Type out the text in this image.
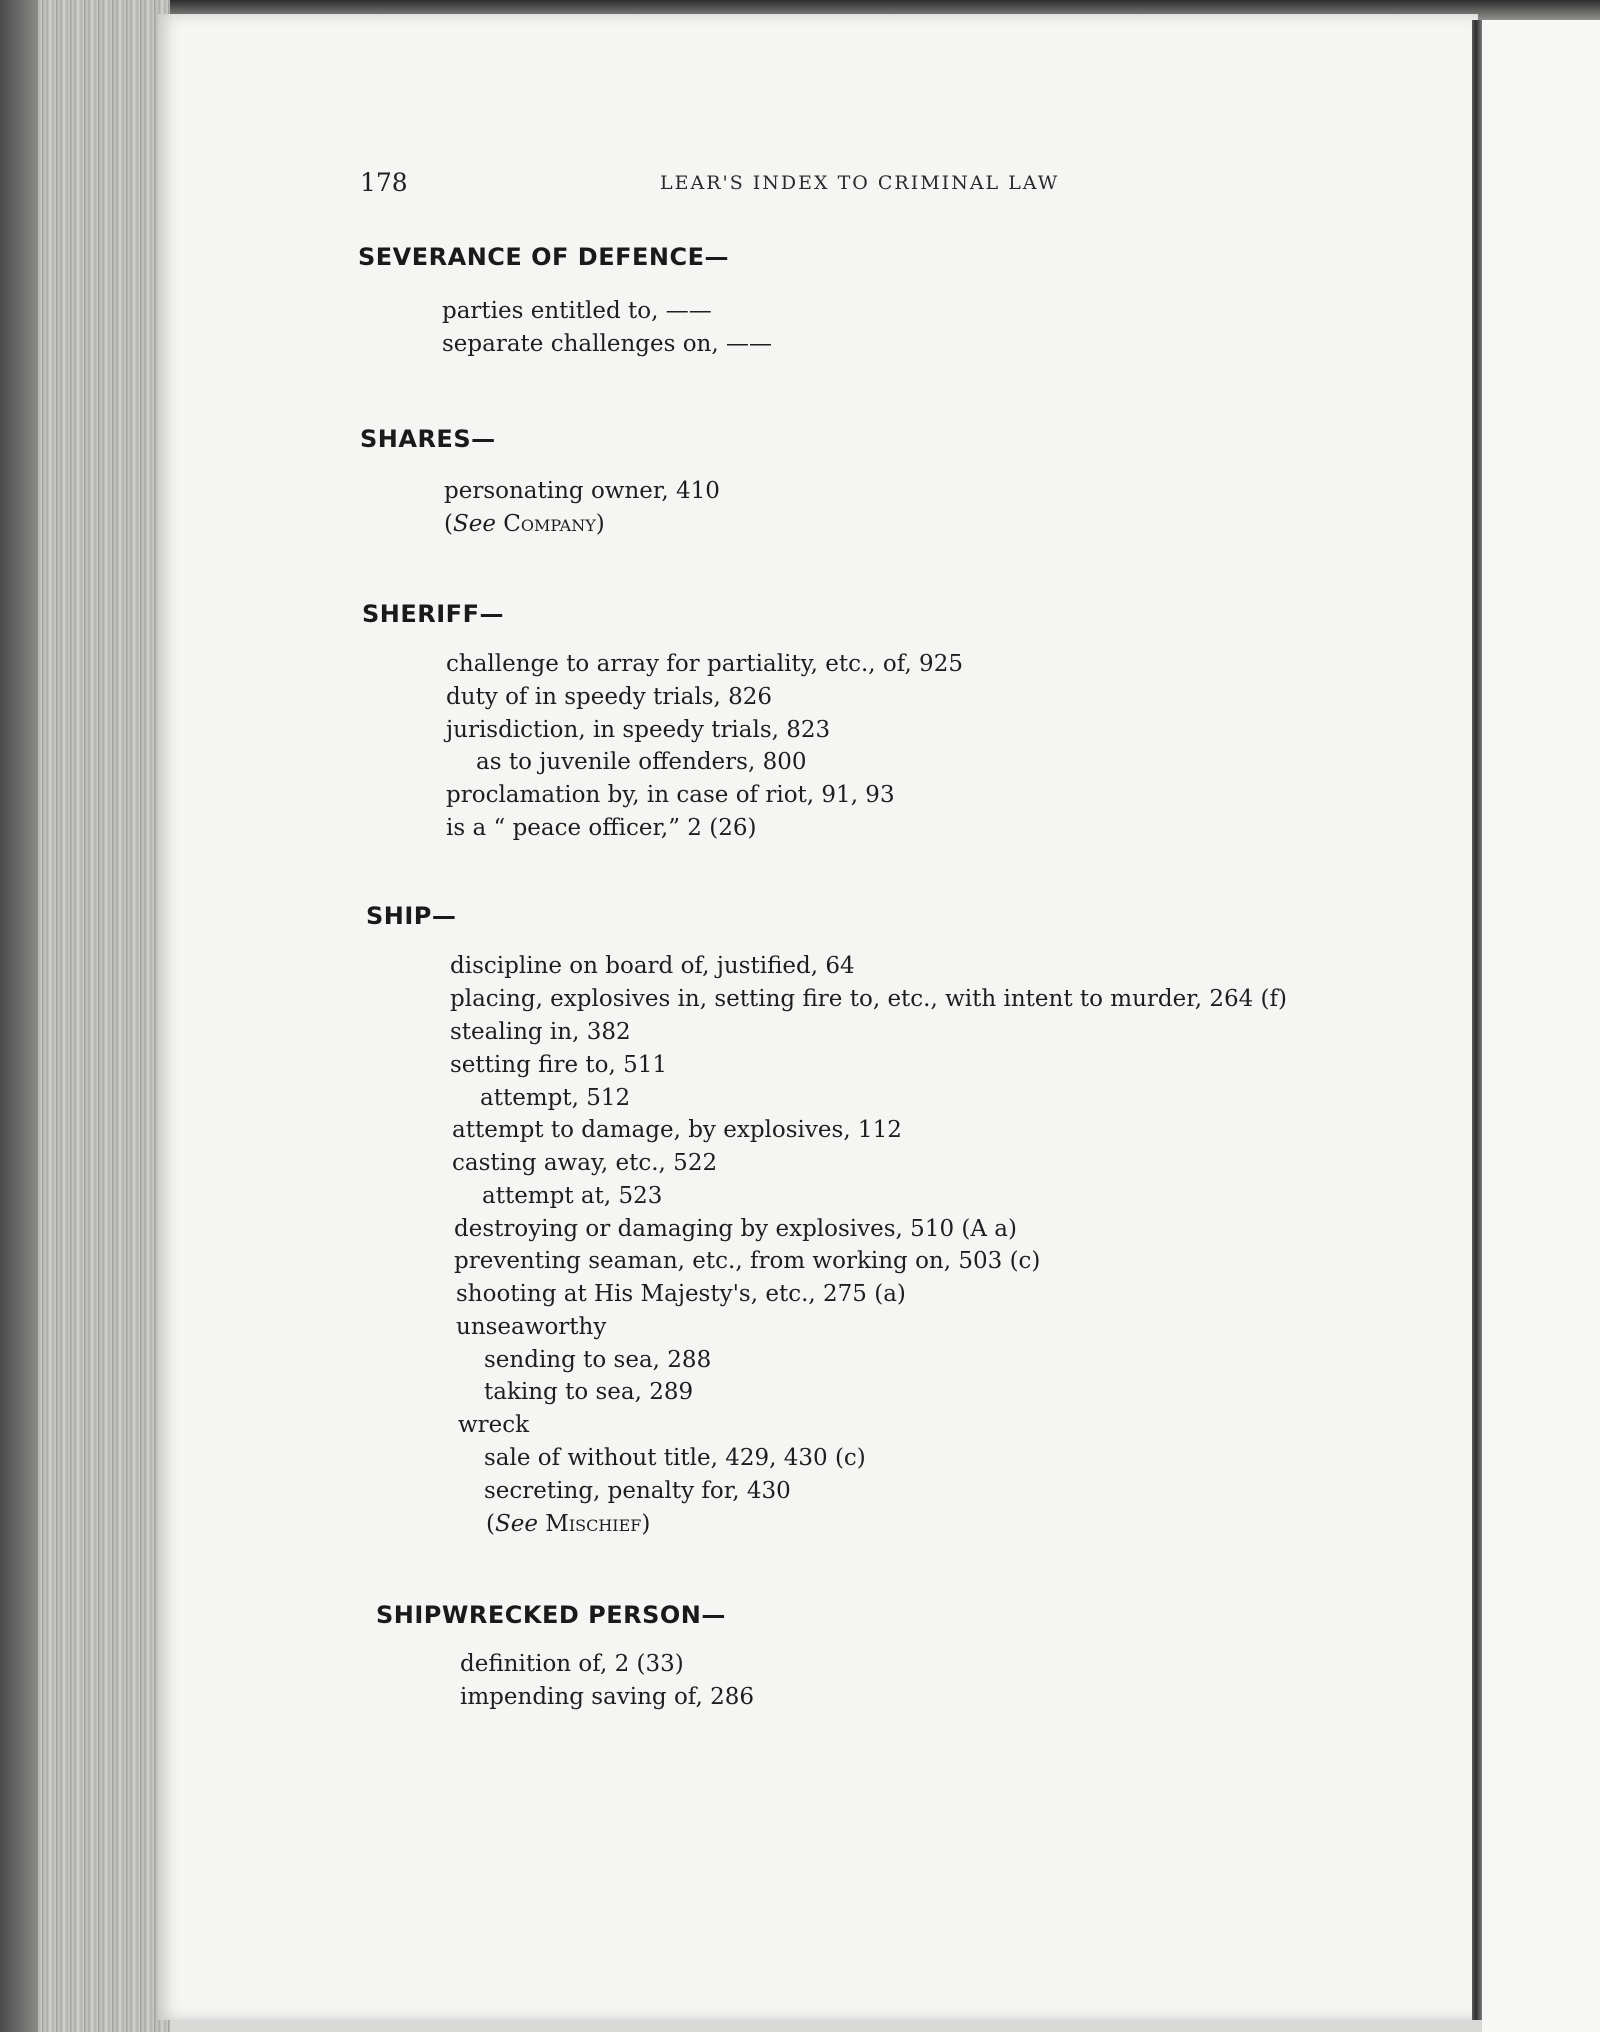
178	LEAR'S INDEX TO CRIMINAL LAW
SEVERANCE OF DEFENCE—
parties entitled to, ——
separate challenges on, ——
SHARES—
personating owner, 410
(See Company)
SHERIFF—
challenge to array for partiality, etc., of, 925
duty of in speedy trials, 826
jurisdiction, in speedy trials, 823
as to juvenile offenders, 800
proclamation by, in case of riot, 91, 93
is a “ peace officer,” 2 (26)
SHIP—
discipline on board of, justified, 64
placing, explosives in, setting fire to, etc., with intent to murder, 264 (f)
stealing in, 382
setting fire to, 511
attempt, 512
attempt to damage, by explosives, 112
casting away, etc., 522
attempt at, 523
destroying or damaging by explosives, 510 (A a)
preventing seaman, etc., from working on, 503 (c)
shooting at His Majesty's, etc., 275 (a)
unseaworthy
sending to sea, 288
taking to sea, 289
wreck
sale of without title, 429, 430 (c)
secreting, penalty for, 430
(See Mischief)
SHIPWRECKED PERSON—
definition of, 2 (33)
impending saving of, 286
